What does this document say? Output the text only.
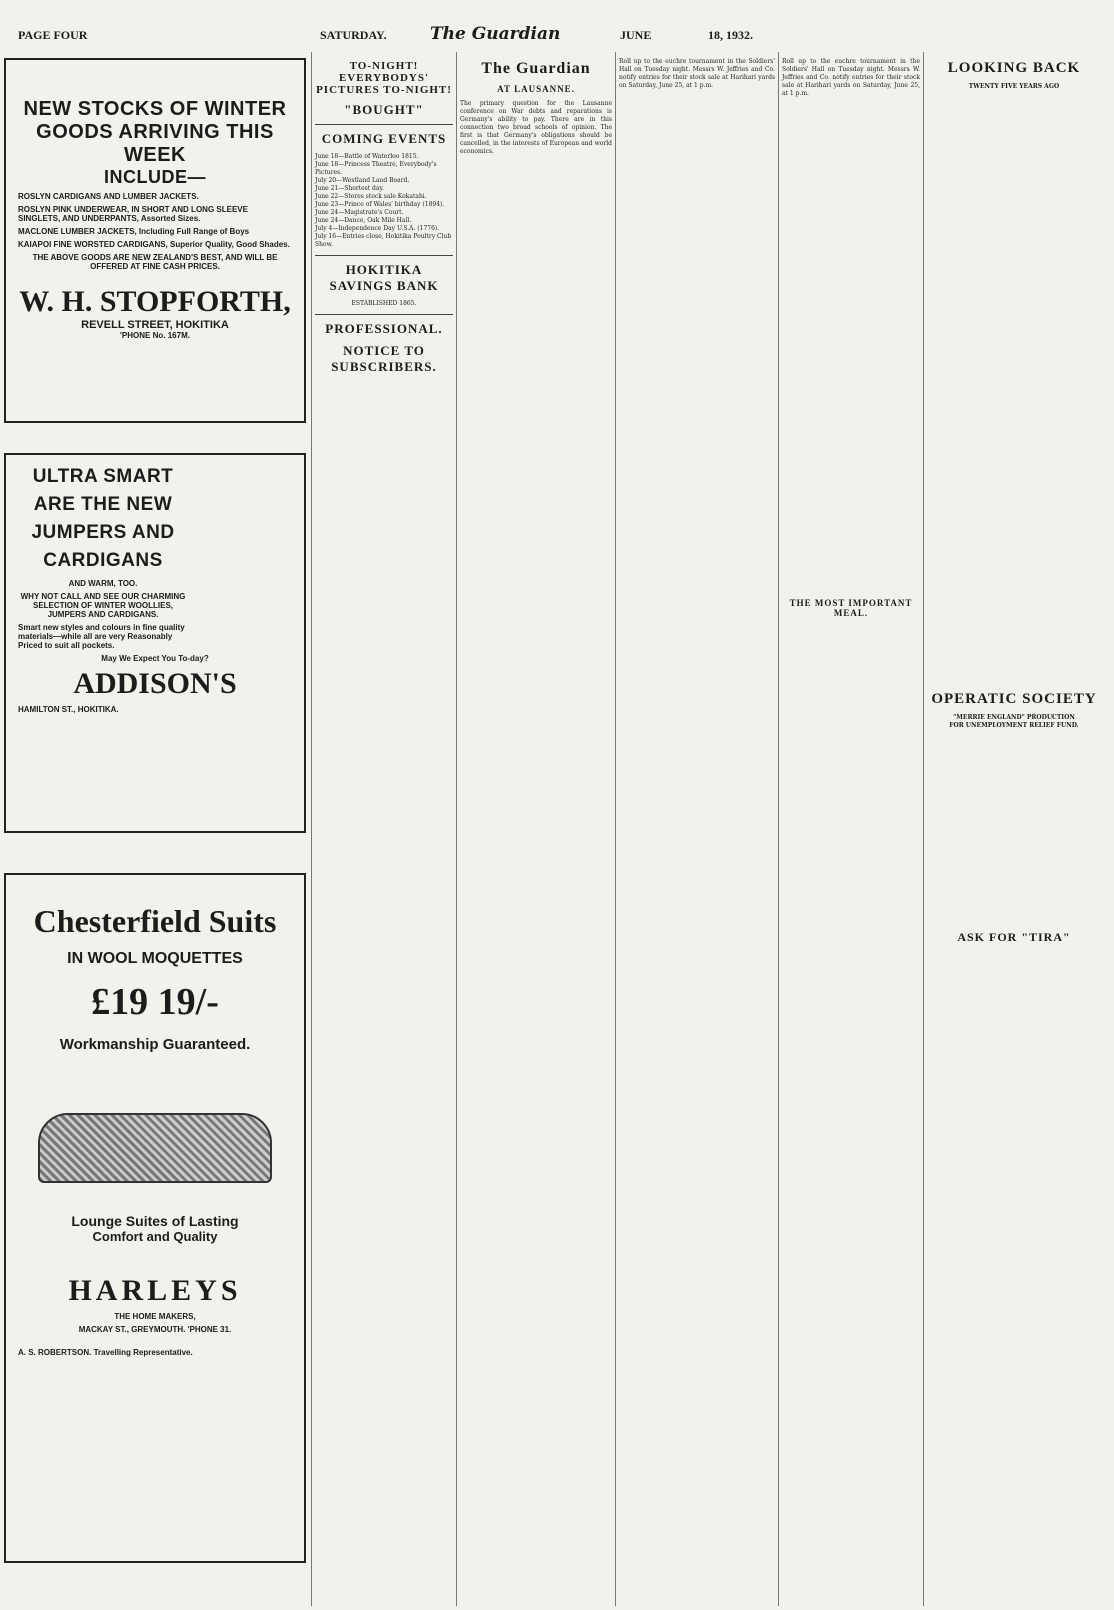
PAGE FOUR	SATURDAY.	The Guardian	JUNE	18, 1932.
NEW STOCKS OF WINTER GOODS ARRIVING THIS WEEK
INCLUDE—
ROSLYN CARDIGANS AND LUMBER JACKETS.
ROSLYN PINK UNDERWEAR, IN SHORT AND LONG SLEEVE SINGLETS, AND UNDERPANTS, Assorted Sizes.
MACLONE LUMBER JACKETS, Including Full Range of Boys
KAIAPOI FINE WORSTED CARDIGANS, Superior Quality, Good Shades.
THE ABOVE GOODS ARE NEW ZEALAND'S BEST, AND WILL BE OFFERED AT FINE CASH PRICES.
W. H. STOPFORTH,
REVELL STREET, HOKITIKA
'PHONE No. 167M.
ULTRA SMART ARE THE NEW JUMPERS AND CARDIGANS
AND WARM, TOO.
WHY NOT CALL AND SEE OUR CHARMING SELECTION OF WINTER WOOLLIES, JUMPERS AND CARDIGANS.
Smart new styles and colours in fine quality materials—while all are very Reasonably Priced to suit all pockets.
May We Expect You To-day?
ADDISON'S
HAMILTON ST., HOKITIKA.
Chesterfield Suits
IN WOOL MOQUETTES
£19 19/-
Workmanship Guaranteed.
Lounge Suites of Lasting
Comfort and Quality
HARLEYS
THE HOME MAKERS,
MACKAY ST., GREYMOUTH. 'PHONE 31.
A. S. ROBERTSON. Travelling Representative.
TO-NIGHT! EVERYBODYS' PICTURES TO-NIGHT!
"BOUGHT"
COMING EVENTS
June 18—Battle of Waterloo 1815.
June 18—Princess Theatre, Everybody's Pictures.
July 20—Westland Land Board.
June 21—Shortest day.
June 22—Stores stock sale Kokatahi.
June 23—Prince of Wales' birthday (1894).
June 24—Magistrate's Court.
June 24—Dance, Oak Mile Hall.
July 4—Independence Day U.S.A. (1776).
July 16—Entries close, Hokitika Poultry Club Show.
HOKITIKA SAVINGS BANK
ESTABLISHED 1865.
PROFESSIONAL.
NOTICE TO SUBSCRIBERS.
The Guardian
AT LAUSANNE.
The primary question for the Lausanne conference on War debts and reparations is Germany's ability to pay. There are in this connection two broad schools of opinion. The first is that Germany's obligations should be cancelled, in the interests of European and world economics.
Roll up to the euchre tournament in the Soldiers' Hall on Tuesday night. Messrs W. Jeffries and Co. notify entries for their stock sale at Harihari yards on Saturday, June 25, at 1 p.m.
Roll up to the euchre tournament in the Soldiers' Hall on Tuesday night. Messrs W. Jeffries and Co. notify entries for their stock sale at Harihari yards on Saturday, June 25, at 1 p.m.
THE MOST IMPORTANT MEAL.
LOOKING BACK
TWENTY FIVE YEARS AGO
OPERATIC SOCIETY
"MERRIE ENGLAND" PRODUCTION
FOR UNEMPLOYMENT RELIEF FUND.
ASK FOR "TIRA"
